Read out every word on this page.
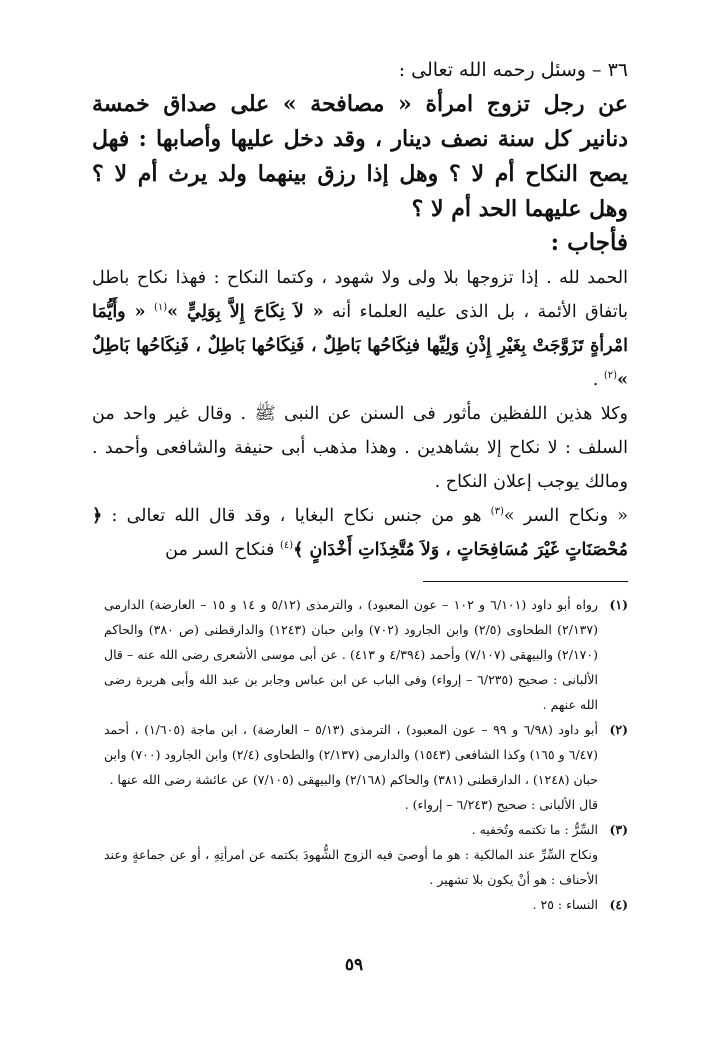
٣٦ – وسئل رحمه الله تعالى :

عن رجل تزوج امرأة « مصافحة » على صداق خمسة دنانير كل سنة نصف دينار ، وقد دخل عليها وأصابها : فهل يصح النكاح أم لا ؟ وهل إذا رزق بينهما ولد يرث أم لا ؟ وهل عليهما الحد أم لا ؟

فأجاب :

الحمد لله . إذا تزوجها بلا ولى ولا شهود ، وكتما النكاح : فهذا نكاح باطل باتفاق الأئمة ، بل الذى عليه العلماء أنه « لاَ نِكَاحَ إِلاَّ بِوَلِيٍّ »$^{(١)}$ « وأَيُّمَا امْرأةٍ تَزَوَّجَتْ بِغَيْرِ إِذْنِ وَلِيِّها فنِكَاحُها بَاطِلٌ ، فَنِكَاحُها بَاطِلٌ ، فَنِكَاحُها بَاطِلٌ »$^{(٢)}$ .

وكلا هذين اللفظين مأثور فى السنن عن النبى ﷺ . وقال غير واحد من السلف : لا نكاح إلا بشاهدين . وهذا مذهب أبى حنيفة والشافعى وأحمد . ومالك يوجب إعلان النكاح .

« ونكاح السر »$^{(٣)}$ هو من جنس نكاح البغايا ، وقد قال الله تعالى : ﴿ مُحْصَنَاتٍ غَيْرَ مُسَافِحَاتٍ ، وَلاَ مُتَّخِذَاتِ أَخْدَانٍ ﴾$^{(٤)}$ فنكاح السر من

(١)
رواه أبو داود (٦/١٠١ و ١٠٢ – عون المعبود) ، والترمذى (٥/١٢ و ١٤ و ١٥ – العارضة) الدارمى (٢/١٣٧) الطحاوى (٢/٥) وابن الجارود (٧٠٢) وابن حبان (١٢٤٣) والدارقطنى (ص ٣٨٠) والحاكم (٢/١٧٠) والبيهقى (٧/١٠٧) وأحمد (٤/٣٩٤ و ٤١٣) . عن أبى موسى الأشعرى رضى الله عنه – قال الألبانى : صحيح (٦/٢٣٥ – إرواء) وفى الباب عن ابن عباس وجابر بن عبد الله وأبى هريرة رضى الله عنهم .
(٢)
أبو داود (٦/٩٨ و ٩٩ – عون المعبود) ، الترمذى (٥/١٣ – العارضة) ، ابن ماجة (١/٦٠٥) ، أحمد (٦/٤٧ و ١٦٥) وكذا الشافعى (١٥٤٣) والدارمى (٢/١٣٧) والطحاوى (٢/٤) وابن الجارود (٧٠٠) وابن حبان (١٢٤٨) ، الدارقطنى (٣٨١) والحاكم (٢/١٦٨) والبيهقى (٧/١٠٥) عن عائشة رضى الله عنها .
قال الألبانى : صحيح (٦/٢٤٣ – إرواء) .
(٣)
السِّرُّ : ما تكتمه وتُخفيه .
ونكاح السِّرِّ عند المالكية : هو ما أوصىَ فيه الزوج الشُّهودَ بكتمه عن امرأتِهِ ، أو عن جماعةٍ وعند الأحناف : هو أنْ يكون بلا تشهير .
(٤)
النساء : ٢٥ .
٥٩
